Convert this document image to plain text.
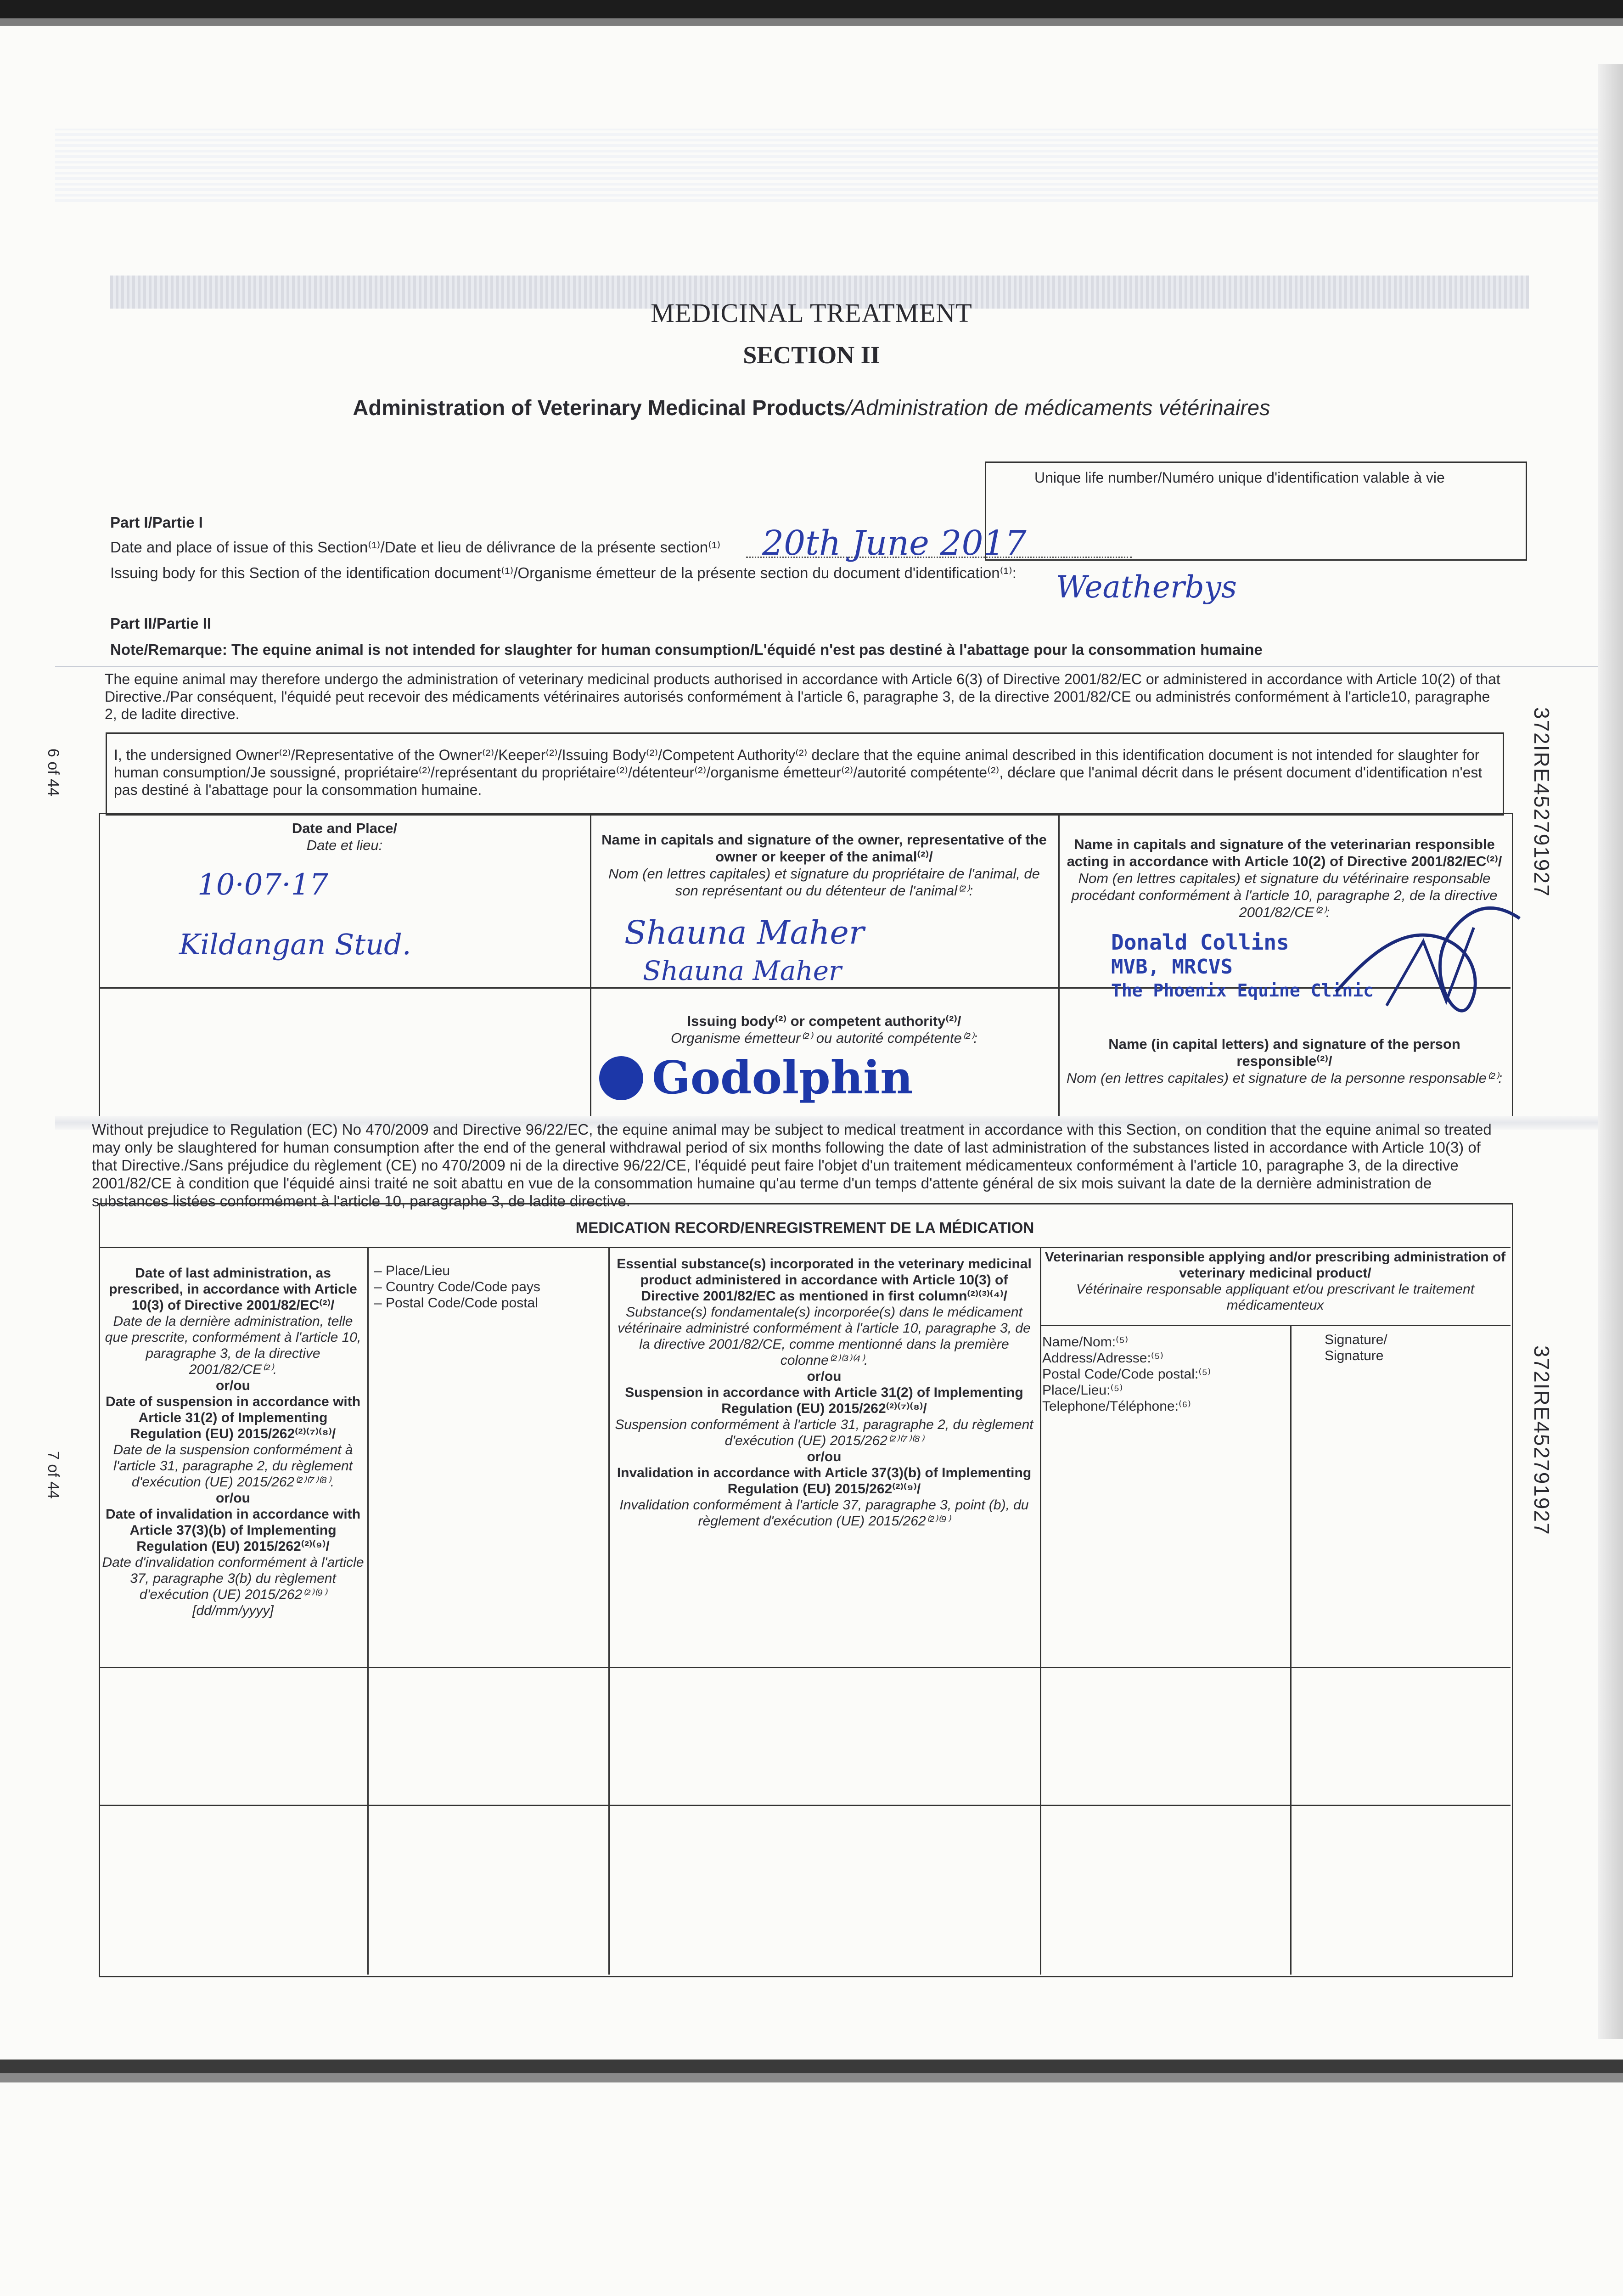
MEDICINAL TREATMENT
SECTION II
Administration of Veterinary Medicinal Products/Administration de médicaments vétérinaires
Unique life number/Numéro unique d'identification valable à vie
Part I/Partie I
Date and place of issue of this Section⁽¹⁾/Date et lieu de délivrance de la présente section⁽¹⁾	20th June 2017
Issuing body for this Section of the identification document⁽¹⁾/Organisme émetteur de la présente section du document d'identification⁽¹⁾: Weatherbys
Part II/Partie II
Note/Remarque: The equine animal is not intended for slaughter for human consumption/L'équidé n'est pas destiné à l'abattage pour la consommation humaine
The equine animal may therefore undergo the administration of veterinary medicinal products authorised in accordance with Article 6(3) of Directive 2001/82/EC or administered in accordance with Article 10(2) of that Directive./Par conséquent, l'équidé peut recevoir des médicaments vétérinaires autorisés conformément à l'article 6, paragraphe 3, de la directive 2001/82/CE ou administrés conformément à l'article10, paragraphe 2, de ladite directive.
I, the undersigned Owner⁽²⁾/Representative of the Owner⁽²⁾/Keeper⁽²⁾/Issuing Body⁽²⁾/Competent Authority⁽²⁾ declare that the equine animal described in this identification document is not intended for slaughter for human consumption/Je soussigné, propriétaire⁽²⁾/représentant du propriétaire⁽²⁾/détenteur⁽²⁾/organisme émetteur⁽²⁾/autorité compétente⁽²⁾, déclare que l'animal décrit dans le présent document d'identification n'est pas destiné à l'abattage pour la consommation humaine.
Date and Place/
Date et lieu:
10·07·17
Kildangan Stud.
Name in capitals and signature of the owner, representative of the owner or keeper of the animal⁽²⁾/
Nom (en lettres capitales) et signature du propriétaire de l'animal, de son représentant ou du détenteur de l'animal⁽²⁾:
Shauna Maher
Shauna Maher
Name in capitals and signature of the veterinarian responsible acting in accordance with Article 10(2) of Directive 2001/82/EC⁽²⁾/
Nom (en lettres capitales) et signature du vétérinaire responsable procédant conformément à l'article 10, paragraphe 2, de la directive 2001/82/CE⁽²⁾:
Donald Collins
MVB, MRCVS
The Phoenix Equine Clinic
Issuing body⁽²⁾ or competent authority⁽²⁾/
Organisme émetteur⁽²⁾ ou autorité compétente⁽²⁾:
Godolphin
Name (in capital letters) and signature of the person responsible⁽²⁾/
Nom (en lettres capitales) et signature de la personne responsable⁽²⁾:
Without prejudice to Regulation (EC) No 470/2009 and Directive 96/22/EC, the equine animal may be subject to medical treatment in accordance with this Section, on condition that the equine animal so treated may only be slaughtered for human consumption after the end of the general withdrawal period of six months following the date of last administration of the substances listed in accordance with Article 10(3) of that Directive./Sans préjudice du règlement (CE) no 470/2009 ni de la directive 96/22/CE, l'équidé peut faire l'objet d'un traitement médicamenteux conformément à l'article 10, paragraphe 3, de la directive 2001/82/CE à condition que l'équidé ainsi traité ne soit abattu en vue de la consommation humaine qu'au terme d'un temps d'attente général de six mois suivant la date de la dernière administration de substances listées conformément à l'article 10, paragraphe 3, de ladite directive.
MEDICATION RECORD/ENREGISTREMENT DE LA MÉDICATION
Date of last administration, as prescribed, in accordance with Article 10(3) of Directive 2001/82/EC⁽²⁾/
Date de la dernière administration, telle que prescrite, conformément à l'article 10, paragraphe 3, de la directive 2001/82/CE⁽²⁾.
or/ou
Date of suspension in accordance with Article 31(2) of Implementing Regulation (EU) 2015/262⁽²⁾⁽⁷⁾⁽⁸⁾/
Date de la suspension conformément à l'article 31, paragraphe 2, du règlement d'exécution (UE) 2015/262⁽²⁾⁽⁷⁾⁽⁸⁾.
or/ou
Date of invalidation in accordance with Article 37(3)(b) of Implementing Regulation (EU) 2015/262⁽²⁾⁽⁹⁾/
Date d'invalidation conformément à l'article 37, paragraphe 3(b) du règlement d'exécution (UE) 2015/262⁽²⁾⁽⁹⁾
[dd/mm/yyyy]
– Place/Lieu
– Country Code/Code pays
– Postal Code/Code postal
Essential substance(s) incorporated in the veterinary medicinal product administered in accordance with Article 10(3) of Directive 2001/82/EC as mentioned in first column⁽²⁾⁽³⁾⁽⁴⁾/
Substance(s) fondamentale(s) incorporée(s) dans le médicament vétérinaire administré conformément à l'article 10, paragraphe 3, de la directive 2001/82/CE, comme mentionné dans la première colonne⁽²⁾⁽³⁾⁽⁴⁾.
or/ou
Suspension in accordance with Article 31(2) of Implementing Regulation (EU) 2015/262⁽²⁾⁽⁷⁾⁽⁸⁾/
Suspension conformément à l'article 31, paragraphe 2, du règlement d'exécution (UE) 2015/262⁽²⁾⁽⁷⁾⁽⁸⁾
or/ou
Invalidation in accordance with Article 37(3)(b) of Implementing Regulation (EU) 2015/262⁽²⁾⁽⁹⁾/
Invalidation conformément à l'article 37, paragraphe 3, point (b), du règlement d'exécution (UE) 2015/262⁽²⁾⁽⁹⁾
Veterinarian responsible applying and/or prescribing administration of veterinary medicinal product/
Vétérinaire responsable appliquant et/ou prescrivant le traitement médicamenteux
Name/Nom:⁽⁵⁾
Address/Adresse:⁽⁵⁾
Postal Code/Code postal:⁽⁵⁾
Place/Lieu:⁽⁵⁾
Telephone/Téléphone:⁽⁶⁾
Signature/
Signature
372IRE452791927
372IRE452791927
6 of 44
7 of 44
